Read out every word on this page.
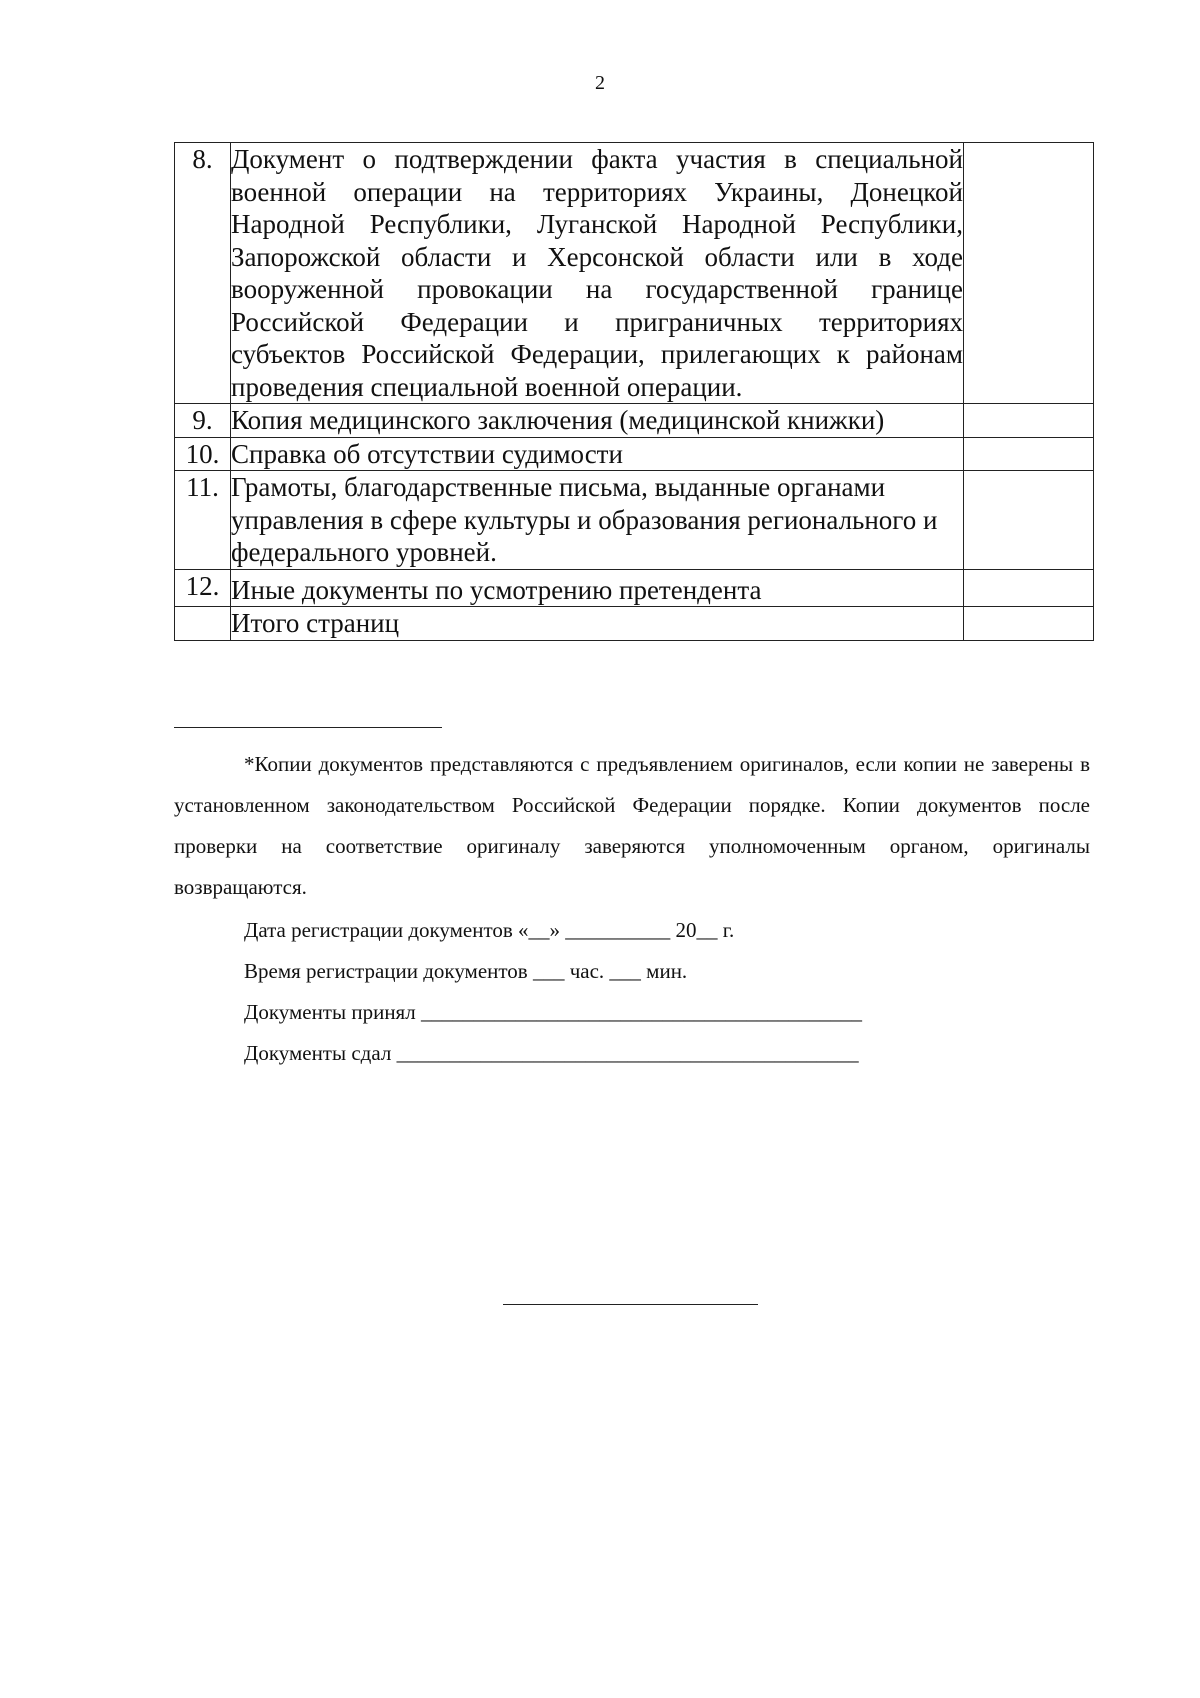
2
8.	Документ о подтверждении факта участия в специальной военной операции на территориях Украины, Донецкой Народной Республики, Луганской Народной Республики, Запорожской области и Херсонской области или в ходе вооруженной провокации на государственной границе Российской Федерации и приграничных территориях субъектов Российской Федерации, прилегающих к районам проведения специальной военной операции.	
9.	Копия медицинского заключения (медицинской книжки)	
10.	Справка об отсутствии судимости	
11.	Грамоты, благодарственные письма, выданные органами управления в сфере культуры и образования регионального и федерального уровней.	
12.	Иные документы по усмотрению претендента	
	Итого страниц	

*Копии документов представляются с предъявлением оригиналов, если копии не заверены в установленном законодательством Российской Федерации порядке. Копии документов после проверки на соответствие оригиналу заверяются уполномоченным органом, оригиналы возвращаются.

Дата регистрации документов «__» __________ 20__ г.
Время регистрации документов ___ час. ___ мин.
Документы принял __________________________________________
Документы сдал ____________________________________________
